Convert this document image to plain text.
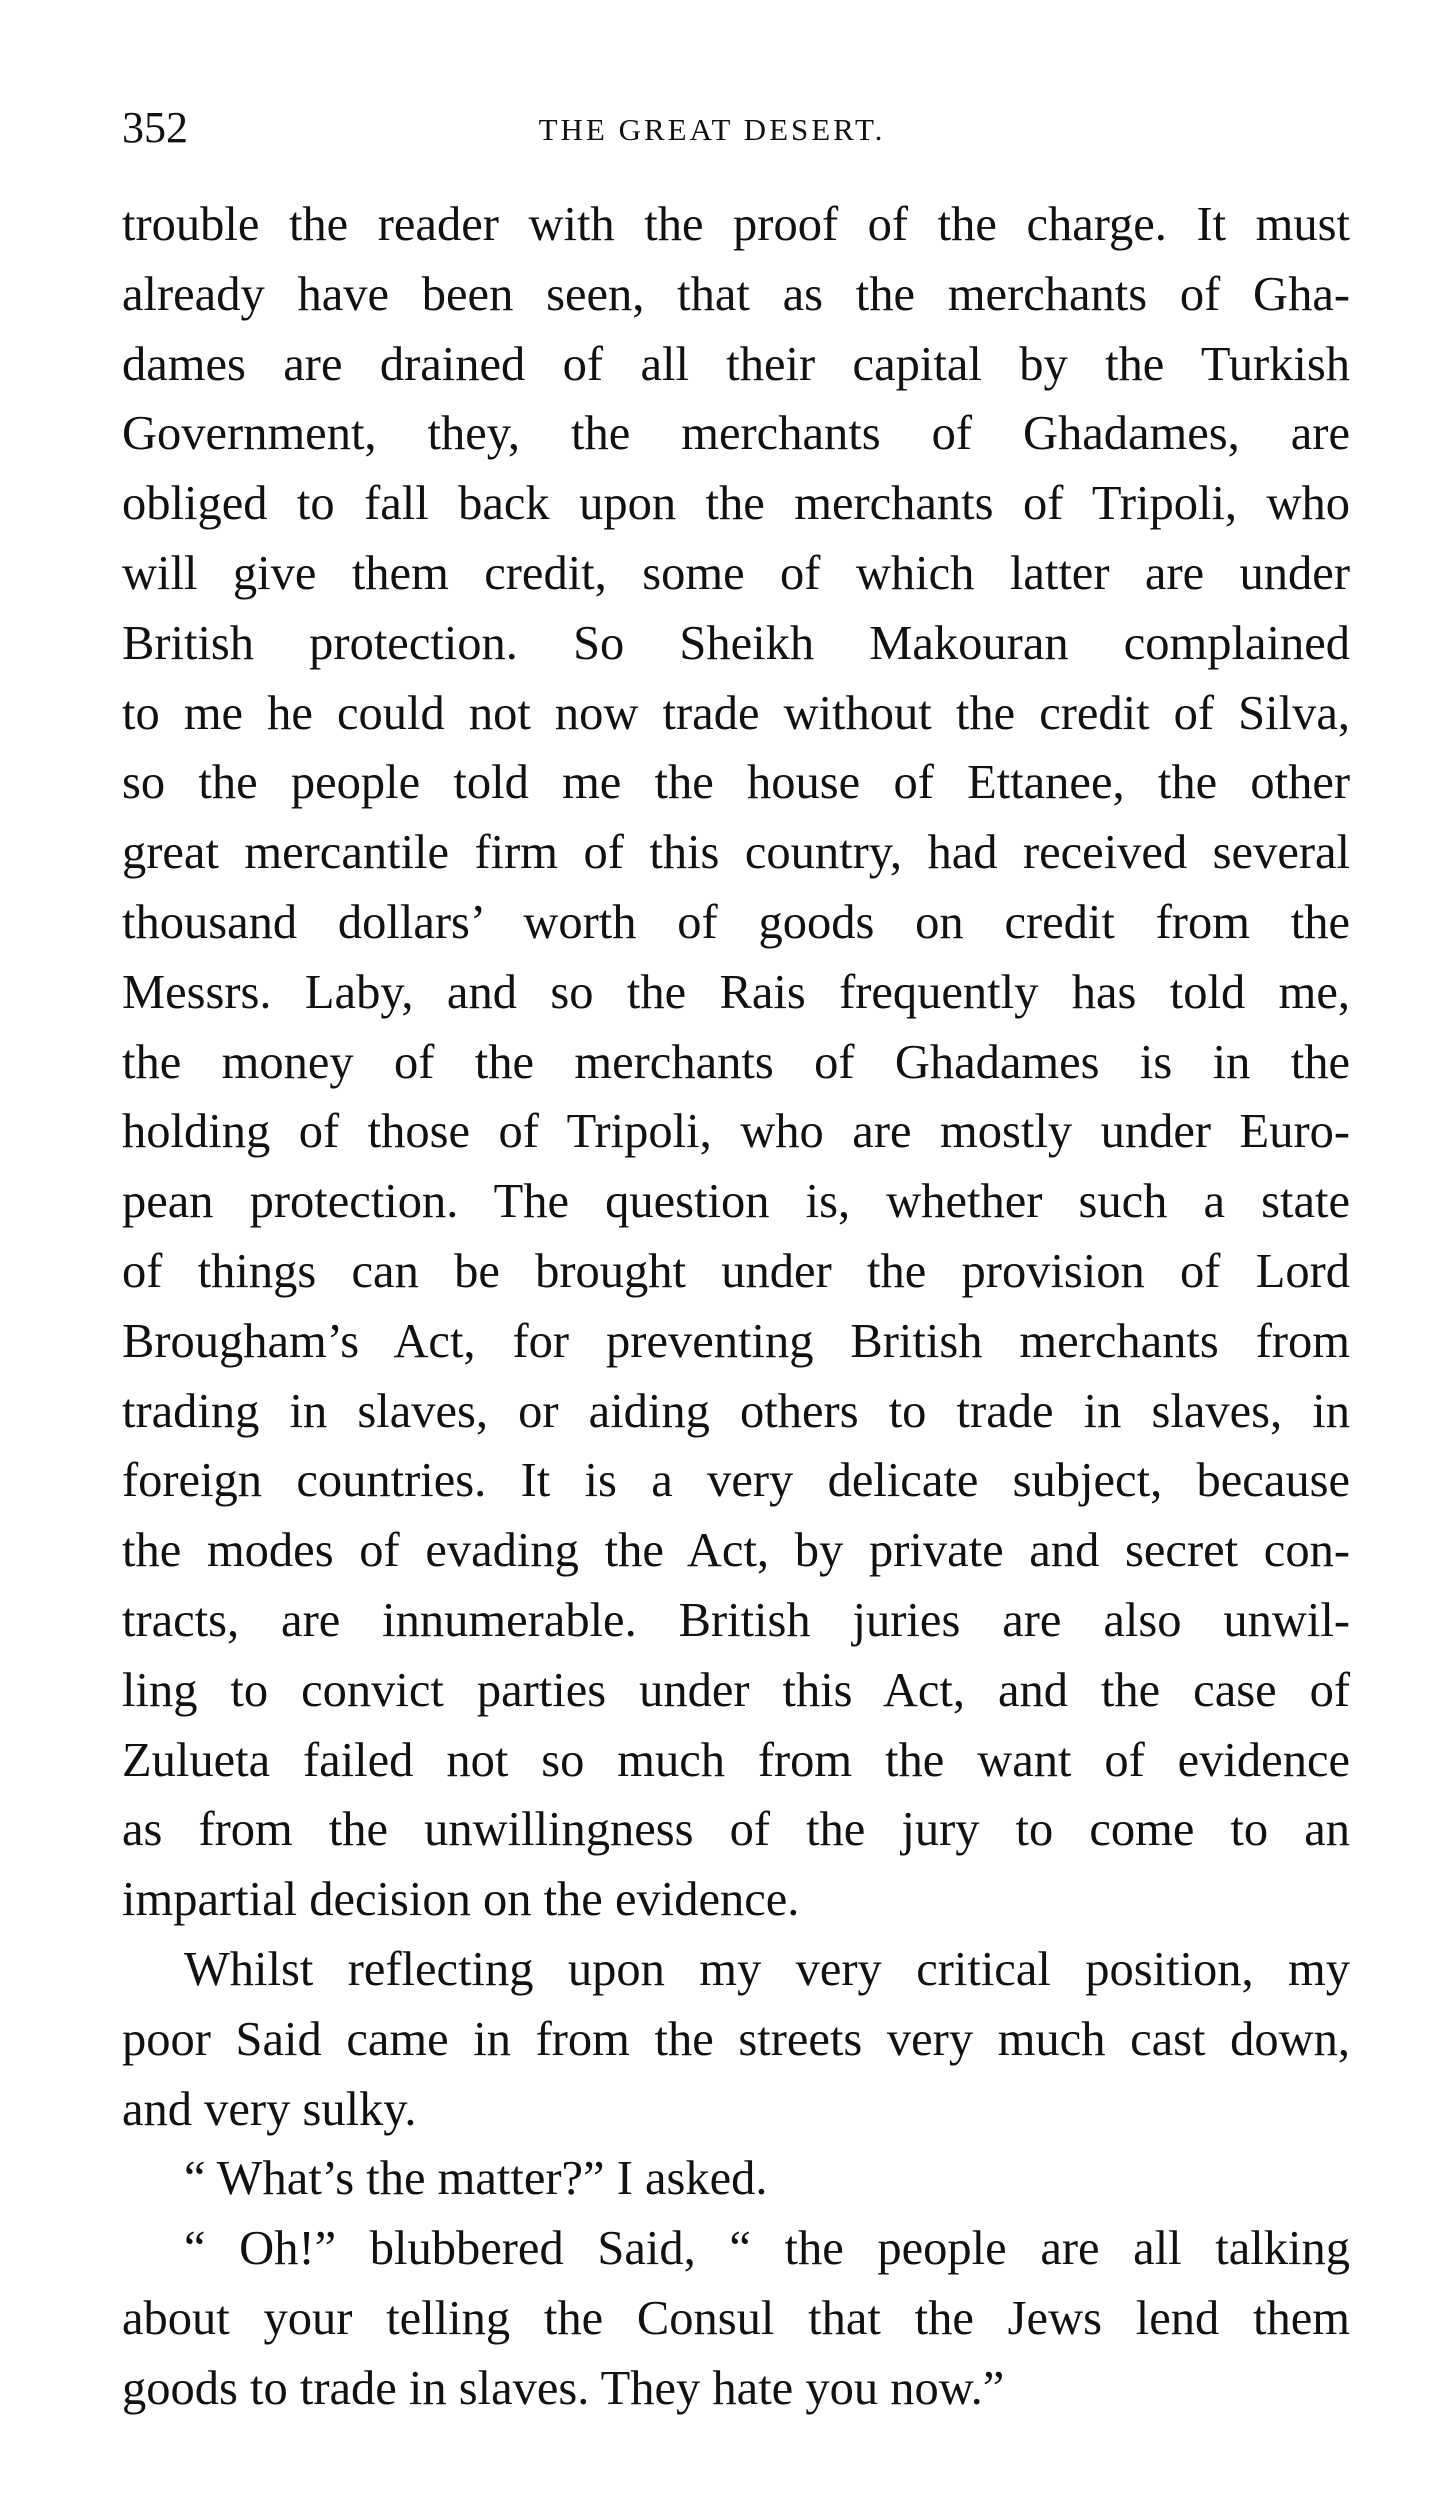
352	THE GREAT DESERT.
trouble the reader with the proof of the charge. It must
already have been seen, that as the merchants of Gha-
dames are drained of all their capital by the Turkish
Government, they, the merchants of Ghadames, are
obliged to fall back upon the merchants of Tripoli, who
will give them credit, some of which latter are under
British protection. So Sheikh Makouran complained
to me he could not now trade without the credit of Silva,
so the people told me the house of Ettanee, the other
great mercantile firm of this country, had received several
thousand dollars’ worth of goods on credit from the
Messrs. Laby, and so the Rais frequently has told me,
the money of the merchants of Ghadames is in the
holding of those of Tripoli, who are mostly under Euro-
pean protection. The question is, whether such a state
of things can be brought under the provision of Lord
Brougham’s Act, for preventing British merchants from
trading in slaves, or aiding others to trade in slaves, in
foreign countries. It is a very delicate subject, because
the modes of evading the Act, by private and secret con-
tracts, are innumerable. British juries are also unwil-
ling to convict parties under this Act, and the case of
Zulueta failed not so much from the want of evidence
as from the unwillingness of the jury to come to an
impartial decision on the evidence.
Whilst reflecting upon my very critical position, my
poor Said came in from the streets very much cast down,
and very sulky.
“ What’s the matter?” I asked.
“ Oh!” blubbered Said, “ the people are all talking
about your telling the Consul that the Jews lend them
goods to trade in slaves. They hate you now.”
